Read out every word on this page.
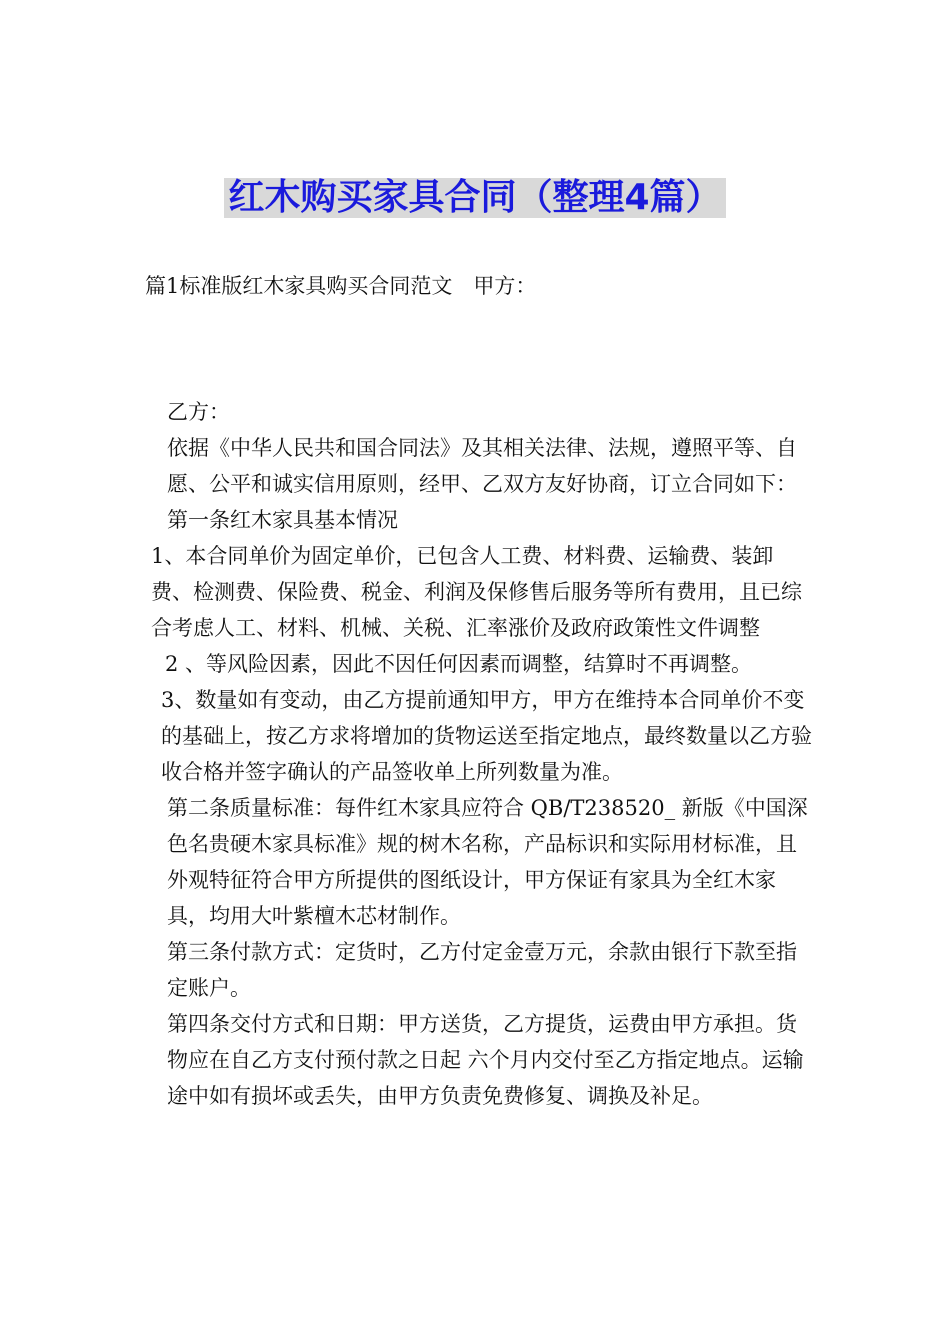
红木购买家具合同（整理4篇）

篇1标准版红木家具购买合同范文　甲方：

乙方：

依据《中华人民共和国合同法》及其相关法律、法规，遵照平等、自愿、公平和诚实信用原则，经甲、乙双方友好协商，订立合同如下：

第一条红木家具基本情况

1、本合同单价为固定单价，已包含人工费、材料费、运输费、装卸费、检测费、保险费、税金、利润及保修售后服务等所有费用，且已综合考虑人工、材料、机械、关税、汇率涨价及政府政策性文件调整

2 、等风险因素，因此不因任何因素而调整，结算时不再调整。

3、数量如有变动，由乙方提前通知甲方，甲方在维持本合同单价不变的基础上，按乙方求将增加的货物运送至指定地点，最终数量以乙方验收合格并签字确认的产品签收单上所列数量为准。

第二条质量标准：每件红木家具应符合 QB/T238520_ 新版《中国深色名贵硬木家具标准》规的树木名称，产品标识和实际用材标准，且外观特征符合甲方所提供的图纸设计，甲方保证有家具为全红木家具，均用大叶紫檀木芯材制作。

第三条付款方式：定货时，乙方付定金壹万元，余款由银行下款至指定账户。

第四条交付方式和日期：甲方送货，乙方提货，运费由甲方承担。货物应在自乙方支付预付款之日起 六个月内交付至乙方指定地点。运输途中如有损坏或丢失，由甲方负责免费修复、调换及补足。
